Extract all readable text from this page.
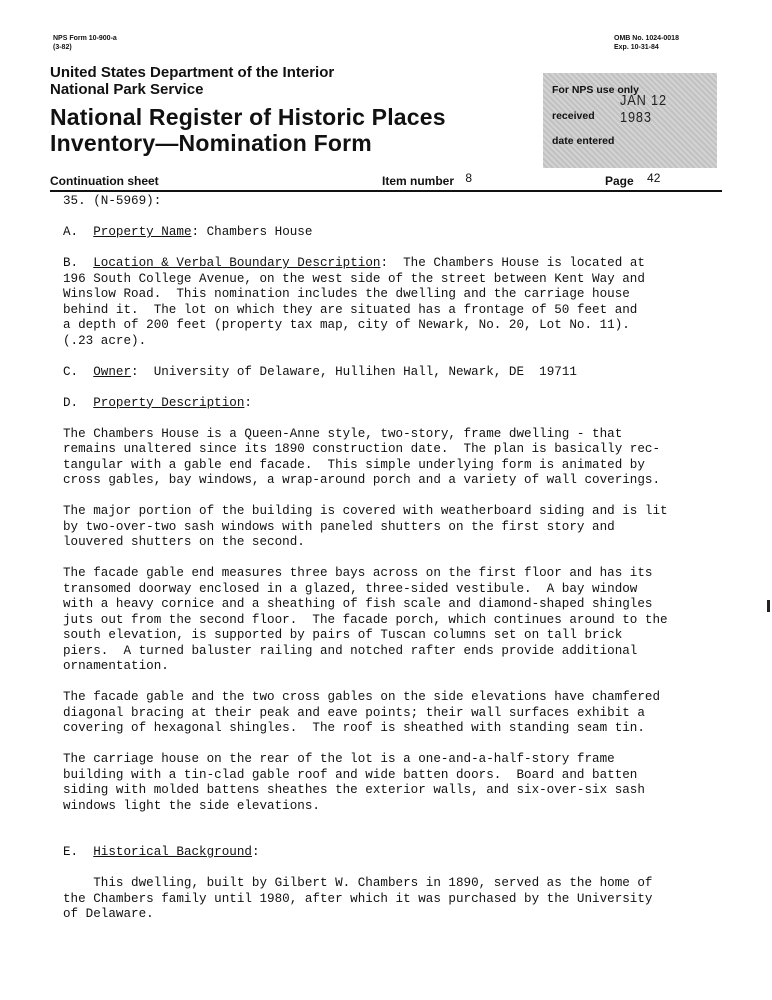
NPS Form 10-900-a
(3-82)
OMB No. 1024-0018
Exp. 10-31-84
United States Department of the Interior
National Park Service
National Register of Historic Places
Inventory—Nomination Form
For NPS use only
JAN 12 1983
received
date entered
Continuation sheet	Item number 8	Page 42

35. (N-5969):

A. Property Name: Chambers House

B. Location & Verbal Boundary Description:  The Chambers House is located at

196 South College Avenue, on the west side of the street between Kent Way and

Winslow Road.  This nomination includes the dwelling and the carriage house

behind it.  The lot on which they are situated has a frontage of 50 feet and

a depth of 200 feet (property tax map, city of Newark, No. 20, Lot No. 11).

(.23 acre).

C. Owner:  University of Delaware, Hullihen Hall, Newark, DE  19711

D. Property Description:

The Chambers House is a Queen-Anne style, two-story, frame dwelling - that

remains unaltered since its 1890 construction date.  The plan is basically rec-

tangular with a gable end facade.  This simple underlying form is animated by

cross gables, bay windows, a wrap-around porch and a variety of wall coverings.

The major portion of the building is covered with weatherboard siding and is lit

by two-over-two sash windows with paneled shutters on the first story and

louvered shutters on the second.

The facade gable end measures three bays across on the first floor and has its

transomed doorway enclosed in a glazed, three-sided vestibule.  A bay window

with a heavy cornice and a sheathing of fish scale and diamond-shaped shingles

juts out from the second floor.  The facade porch, which continues around to the

south elevation, is supported by pairs of Tuscan columns set on tall brick

piers.  A turned baluster railing and notched rafter ends provide additional

ornamentation.

The facade gable and the two cross gables on the side elevations have chamfered

diagonal bracing at their peak and eave points; their wall surfaces exhibit a

covering of hexagonal shingles.  The roof is sheathed with standing seam tin.

The carriage house on the rear of the lot is a one-and-a-half-story frame

building with a tin-clad gable roof and wide batten doors.  Board and batten

siding with molded battens sheathes the exterior walls, and six-over-six sash

windows light the side elevations.

E. Historical Background:

This dwelling, built by Gilbert W. Chambers in 1890, served as the home of

the Chambers family until 1980, after which it was purchased by the University

of Delaware.
